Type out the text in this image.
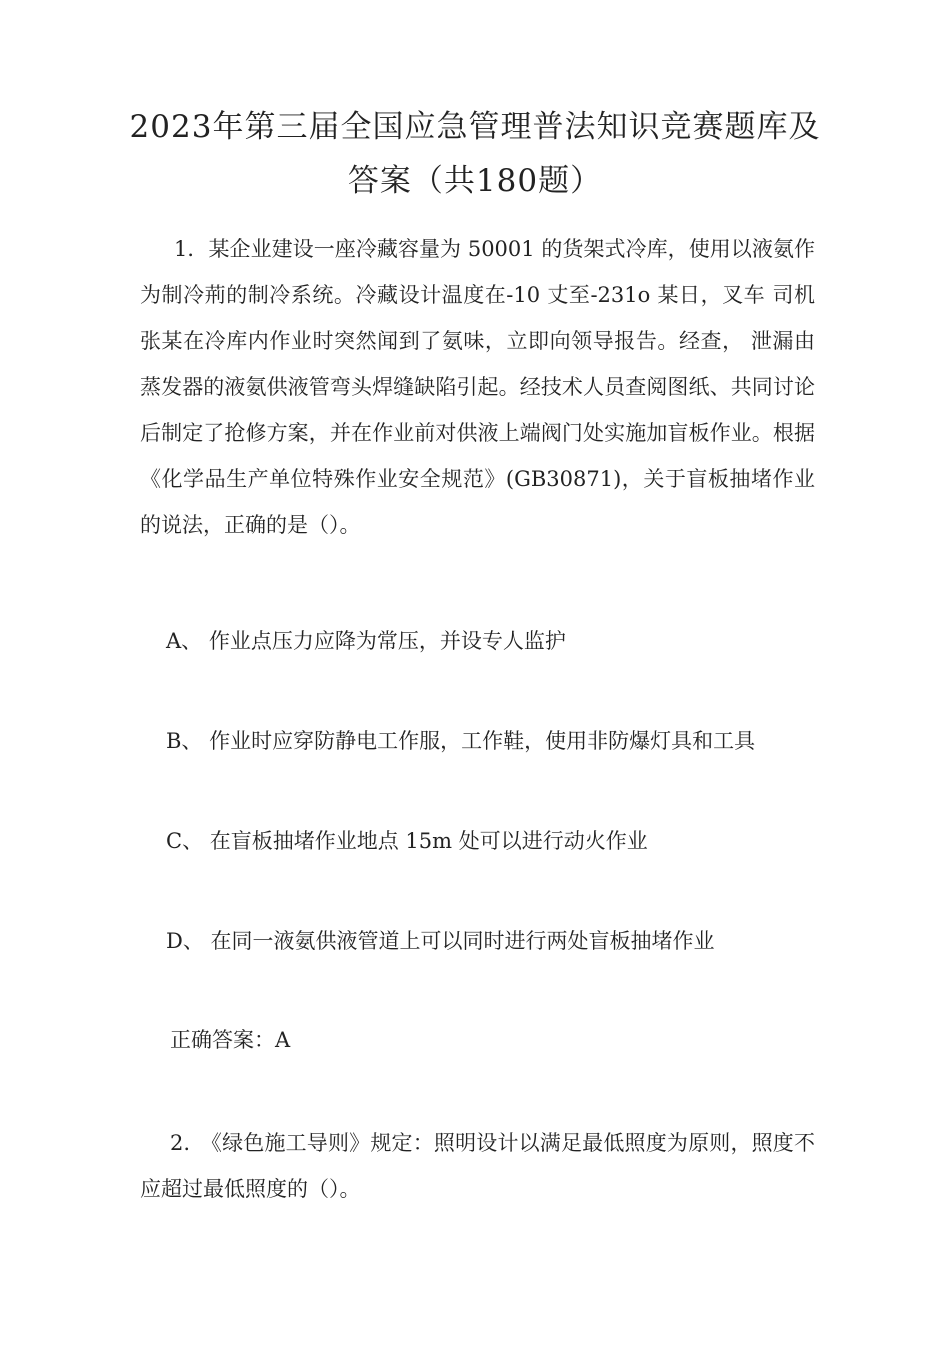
2023年第三届全国应急管理普法知识竞赛题库及答案（共180题）

1．某企业建设一座冷藏容量为 50001 的货架式冷库，使用以液氨作为制冷荊的制冷系统。冷藏设计温度在-10 丈至-231o 某日，叉车 司机张某在冷库内作业时突然闻到了氨味，立即向领导报告。经查， 泄漏由蒸发器的液氨供液管弯头焊缝缺陷引起。经技术人员查阅图纸、共同讨论后制定了抢修方案，并在作业前对供液上端阀门处实施加盲板作业。根据《化学品生产单位特殊作业安全规范》(GB30871)，关于盲板抽堵作业的说法，正确的是（）。

A、 作业点压力应降为常压，并设专人监护

B、 作业时应穿防静电工作服，工作鞋，使用非防爆灯具和工具

C、 在盲板抽堵作业地点 15m 处可以进行动火作业

D、 在同一液氨供液管道上可以同时进行两处盲板抽堵作业

正确答案：A

2.　《绿色施工导则》规定：照明设计以满足最低照度为原则，照度不应超过最低照度的（）。
